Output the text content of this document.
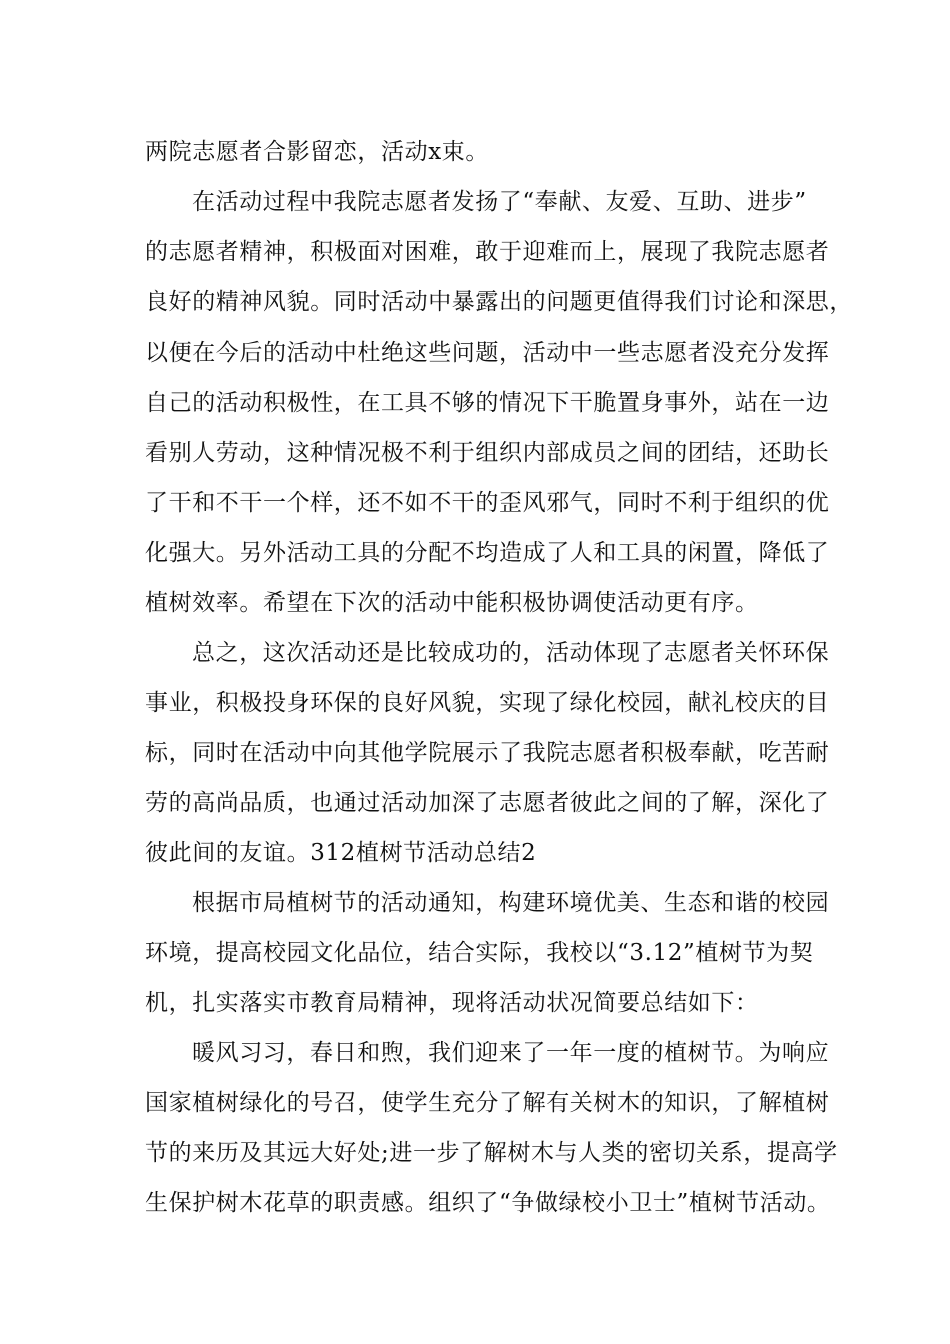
两院志愿者合影留恋，活动x束。
在活动过程中我院志愿者发扬了“奉献、友爱、互助、进步”
的志愿者精神，积极面对困难，敢于迎难而上，展现了我院志愿者
良好的精神风貌。同时活动中暴露出的问题更值得我们讨论和深思，
以便在今后的活动中杜绝这些问题，活动中一些志愿者没充分发挥
自己的活动积极性，在工具不够的情况下干脆置身事外，站在一边
看别人劳动，这种情况极不利于组织内部成员之间的团结，还助长
了干和不干一个样，还不如不干的歪风邪气，同时不利于组织的优
化强大。另外活动工具的分配不均造成了人和工具的闲置，降低了
植树效率。希望在下次的活动中能积极协调使活动更有序。
总之，这次活动还是比较成功的，活动体现了志愿者关怀环保
事业，积极投身环保的良好风貌，实现了绿化校园，献礼校庆的目
标，同时在活动中向其他学院展示了我院志愿者积极奉献，吃苦耐
劳的高尚品质，也通过活动加深了志愿者彼此之间的了解，深化了
彼此间的友谊。312植树节活动总结2
根据市局植树节的活动通知，构建环境优美、生态和谐的校园
环境，提高校园文化品位，结合实际，我校以“3.12”植树节为契
机，扎实落实市教育局精神，现将活动状况简要总结如下：
暖风习习，春日和煦，我们迎来了一年一度的植树节。为响应
国家植树绿化的号召，使学生充分了解有关树木的知识，了解植树
节的来历及其远大好处;进一步了解树木与人类的密切关系，提高学
生保护树木花草的职责感。组织了“争做绿校小卫士”植树节活动。
